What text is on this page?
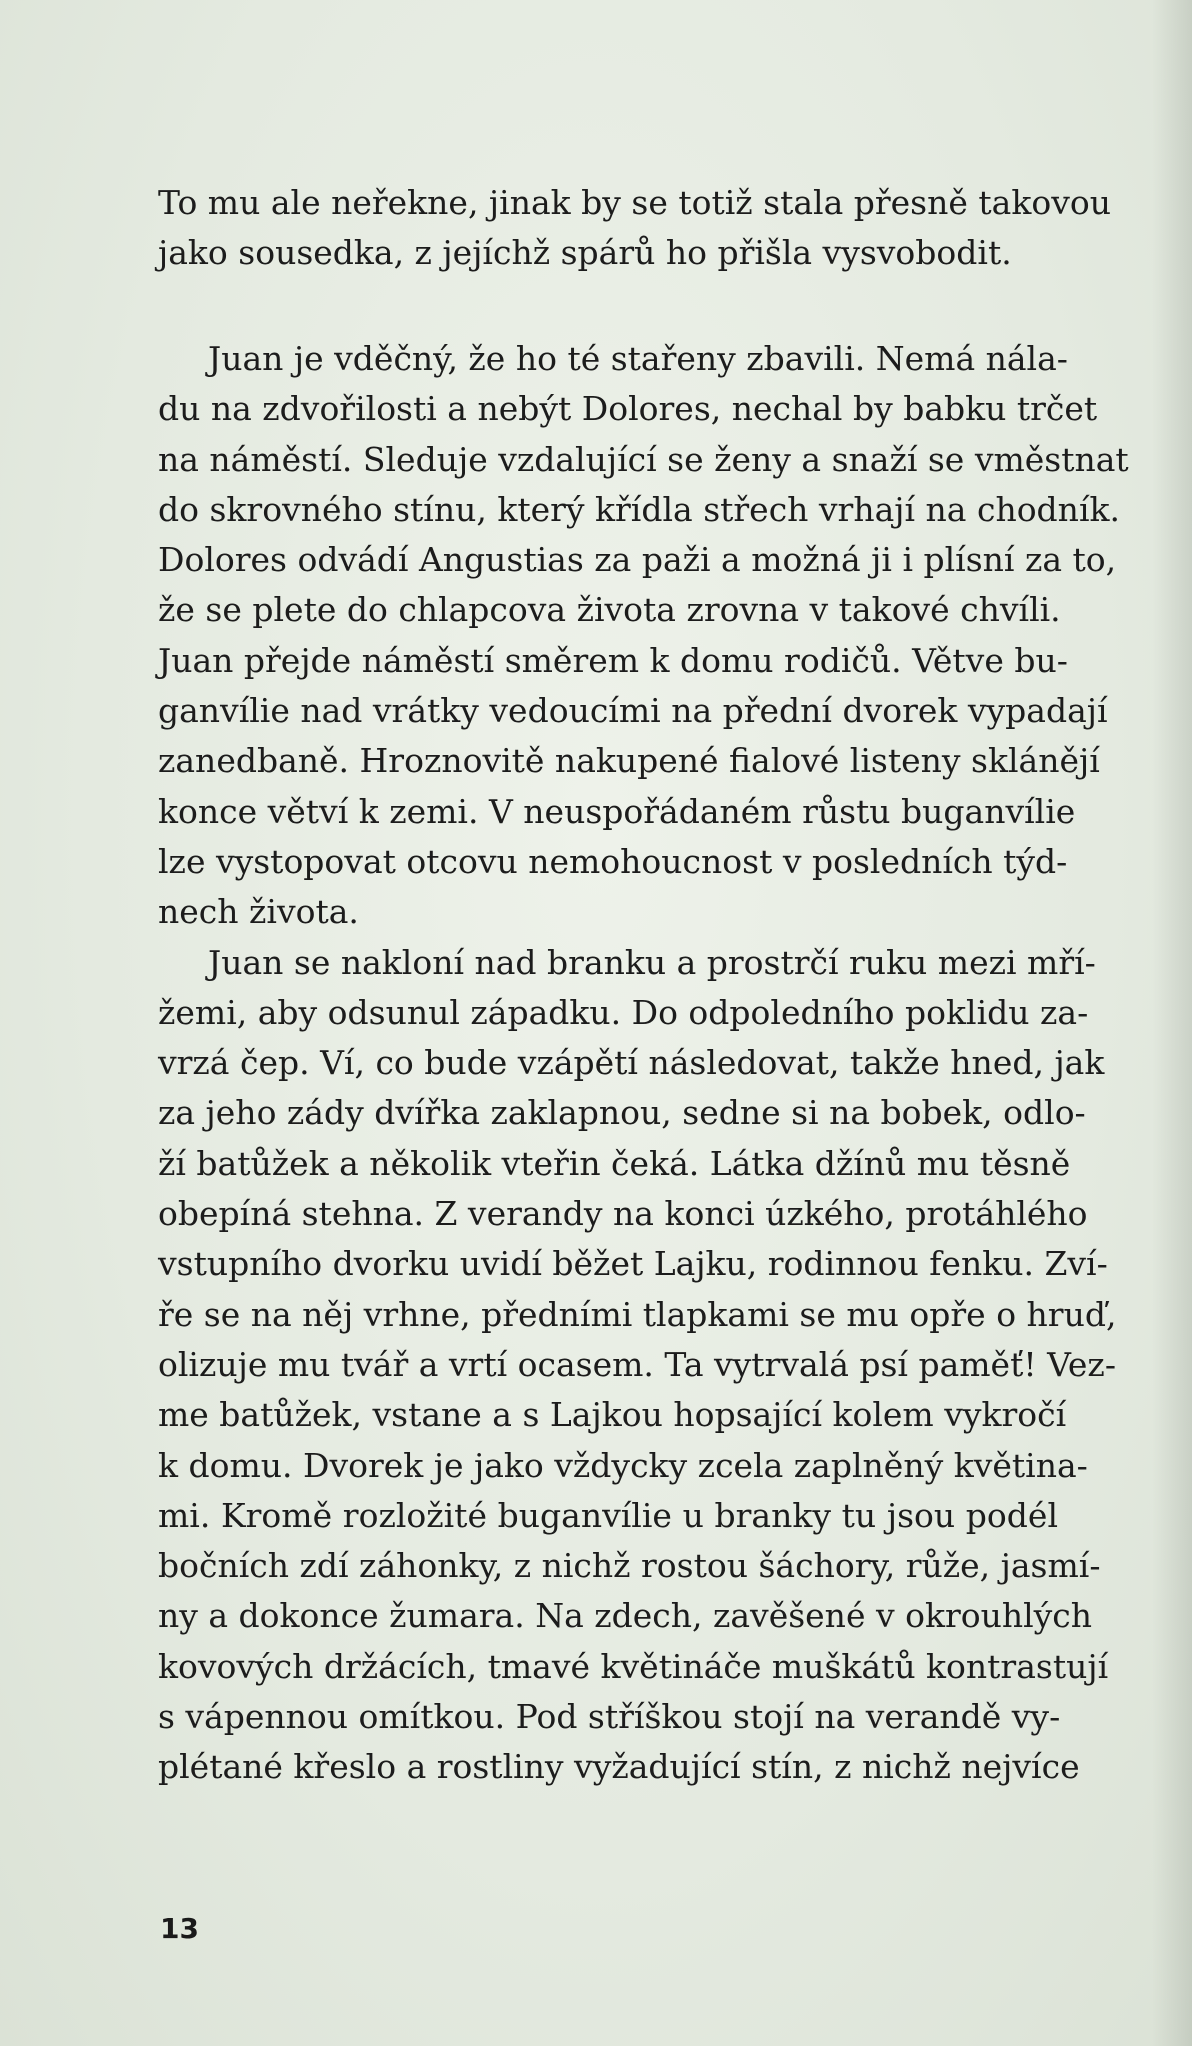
To mu ale neřekne, jinak by se totiž stala přesně takovou
jako sousedka, z jejíchž spárů ho přišla vysvobodit.
Juan je vděčný, že ho té stařeny zbavili. Nemá nála-
du na zdvořilosti a nebýt Dolores, nechal by babku trčet
na náměstí. Sleduje vzdalující se ženy a snaží se vměstnat
do skrovného stínu, který křídla střech vrhají na chodník.
Dolores odvádí Angustias za paži a možná ji i plísní za to,
že se plete do chlapcova života zrovna v takové chvíli.
Juan přejde náměstí směrem k domu rodičů. Větve bu-
ganvílie nad vrátky vedoucími na přední dvorek vypadají
zanedbaně. Hroznovitě nakupené fialové listeny sklánějí
konce větví k zemi. V neuspořádaném růstu buganvílie
lze vystopovat otcovu nemohoucnost v posledních týd-
nech života.
Juan se nakloní nad branku a prostrčí ruku mezi mří-
žemi, aby odsunul západku. Do odpoledního poklidu za-
vrzá čep. Ví, co bude vzápětí následovat, takže hned, jak
za jeho zády dvířka zaklapnou, sedne si na bobek, odlo-
ží batůžek a několik vteřin čeká. Látka džínů mu těsně
obepíná stehna. Z verandy na konci úzkého, protáhlého
vstupního dvorku uvidí běžet Lajku, rodinnou fenku. Zví-
ře se na něj vrhne, předními tlapkami se mu opře o hruď,
olizuje mu tvář a vrtí ocasem. Ta vytrvalá psí paměť! Vez-
me batůžek, vstane a s Lajkou hopsající kolem vykročí
k domu. Dvorek je jako vždycky zcela zaplněný květina-
mi. Kromě rozložité buganvílie u branky tu jsou podél
bočních zdí záhonky, z nichž rostou šáchory, růže, jasmí-
ny a dokonce žumara. Na zdech, zavěšené v okrouhlých
kovových držácích, tmavé květináče muškátů kontrastují
s vápennou omítkou. Pod stříškou stojí na verandě vy-
plétané křeslo a rostliny vyžadující stín, z nichž nejvíce
13
